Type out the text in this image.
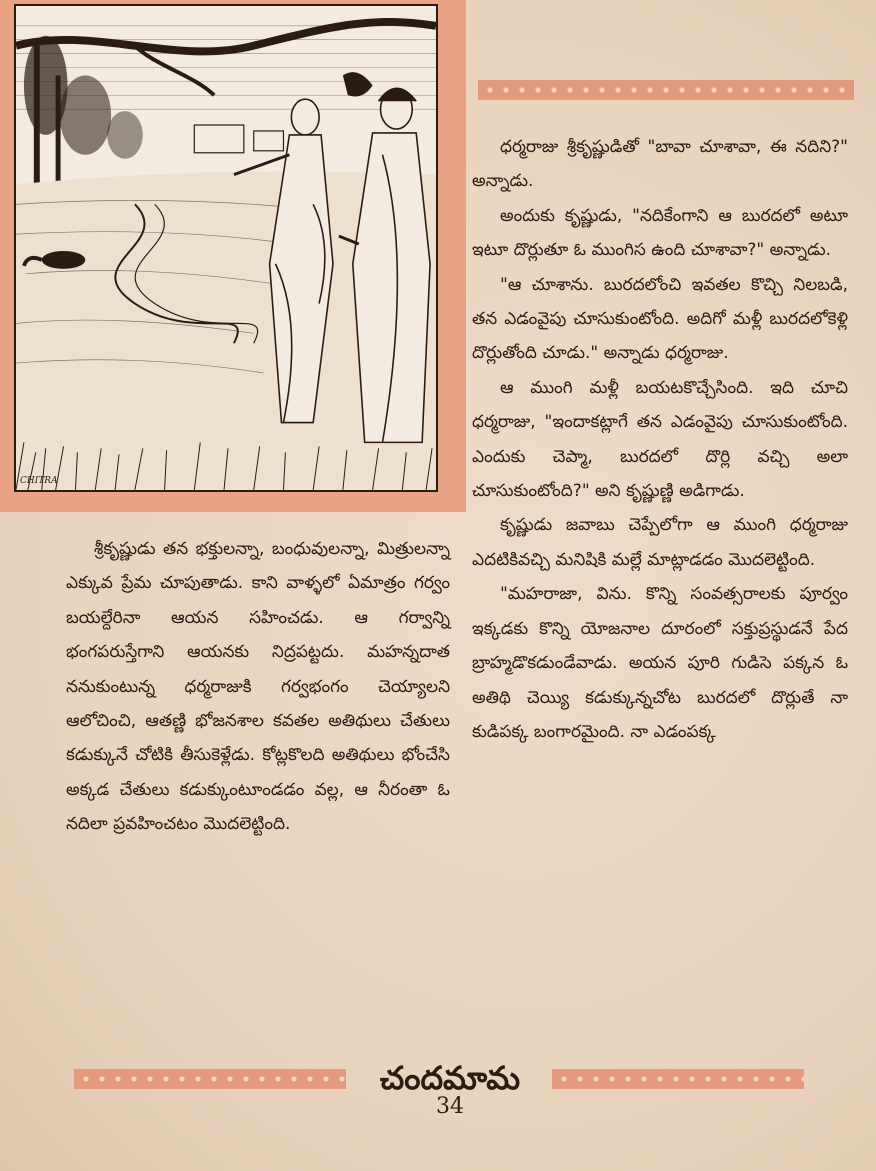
CHITRA

ధర్మరాజు శ్రీకృష్ణుడితో "బావా చూశావా, ఈ నదిని?" అన్నాడు.

అందుకు కృష్ణుడు, "నదికేంగాని ఆ బురదలో అటూ ఇటూ దొర్లుతూ ఓ ముంగిస ఉంది చూశావా?" అన్నాడు.

"ఆ చూశాను. బురదలోంచి ఇవతల కొచ్చి నిలబడి, తన ఎడంవైపు చూసుకుంటోంది. అదిగో మళ్లీ బురదలోకెళ్లి దొర్లుతోంది చూడు." అన్నాడు ధర్మరాజు.

ఆ ముంగి మళ్లీ బయటకొచ్చేసింది. ఇది చూచి ధర్మరాజు, "ఇందాకట్లాగే తన ఎడంవైపు చూసుకుంటోంది. ఎందుకు చెప్మా, బురదలో దొర్లి వచ్చి అలా చూసుకుంటోంది?" అని కృష్ణుణ్ణి అడిగాడు.

కృష్ణుడు జవాబు చెప్పేలోగా ఆ ముంగి ధర్మరాజు ఎదటికివచ్చి మనిషికి మల్లే మాట్లాడడం మొదలెట్టింది.

"మహరాజా, విను. కొన్ని సంవత్సరాలకు పూర్వం ఇక్కడకు కొన్ని యోజనాల దూరంలో సక్తుప్రస్థుడనే పేద బ్రాహ్మడొకడుండేవాడు. అయన పూరి గుడిసె పక్కన ఓ అతిథి చెయ్యి కడుక్కున్నచోట బురదలో దొర్లుతే నా కుడిపక్క బంగారమైంది. నా ఎడంపక్క

శ్రీకృష్ణుడు తన భక్తులన్నా, బంధువులన్నా, మిత్రులన్నా ఎక్కువ ప్రేమ చూపుతాడు. కాని వాళ్ళలో ఏమాత్రం గర్వం బయల్దేరినా ఆయన సహించడు. ఆ గర్వాన్ని భంగపరుస్తేగాని ఆయనకు నిద్రపట్టదు. మహన్నదాత ననుకుంటున్న ధర్మరాజుకి గర్వభంగం చెయ్యాలని ఆలోచించి, ఆతణ్ణి భోజనశాల కవతల అతిథులు చేతులు కడుక్కునే చోటికి తీసుకెళ్లేడు. కోట్లకొలది అతిథులు భోంచేసి అక్కడ చేతులు కడుక్కుంటూండడం వల్ల, ఆ నీరంతా ఓ నదిలా ప్రవహించటం మొదలెట్టింది.

చందమామ
34
